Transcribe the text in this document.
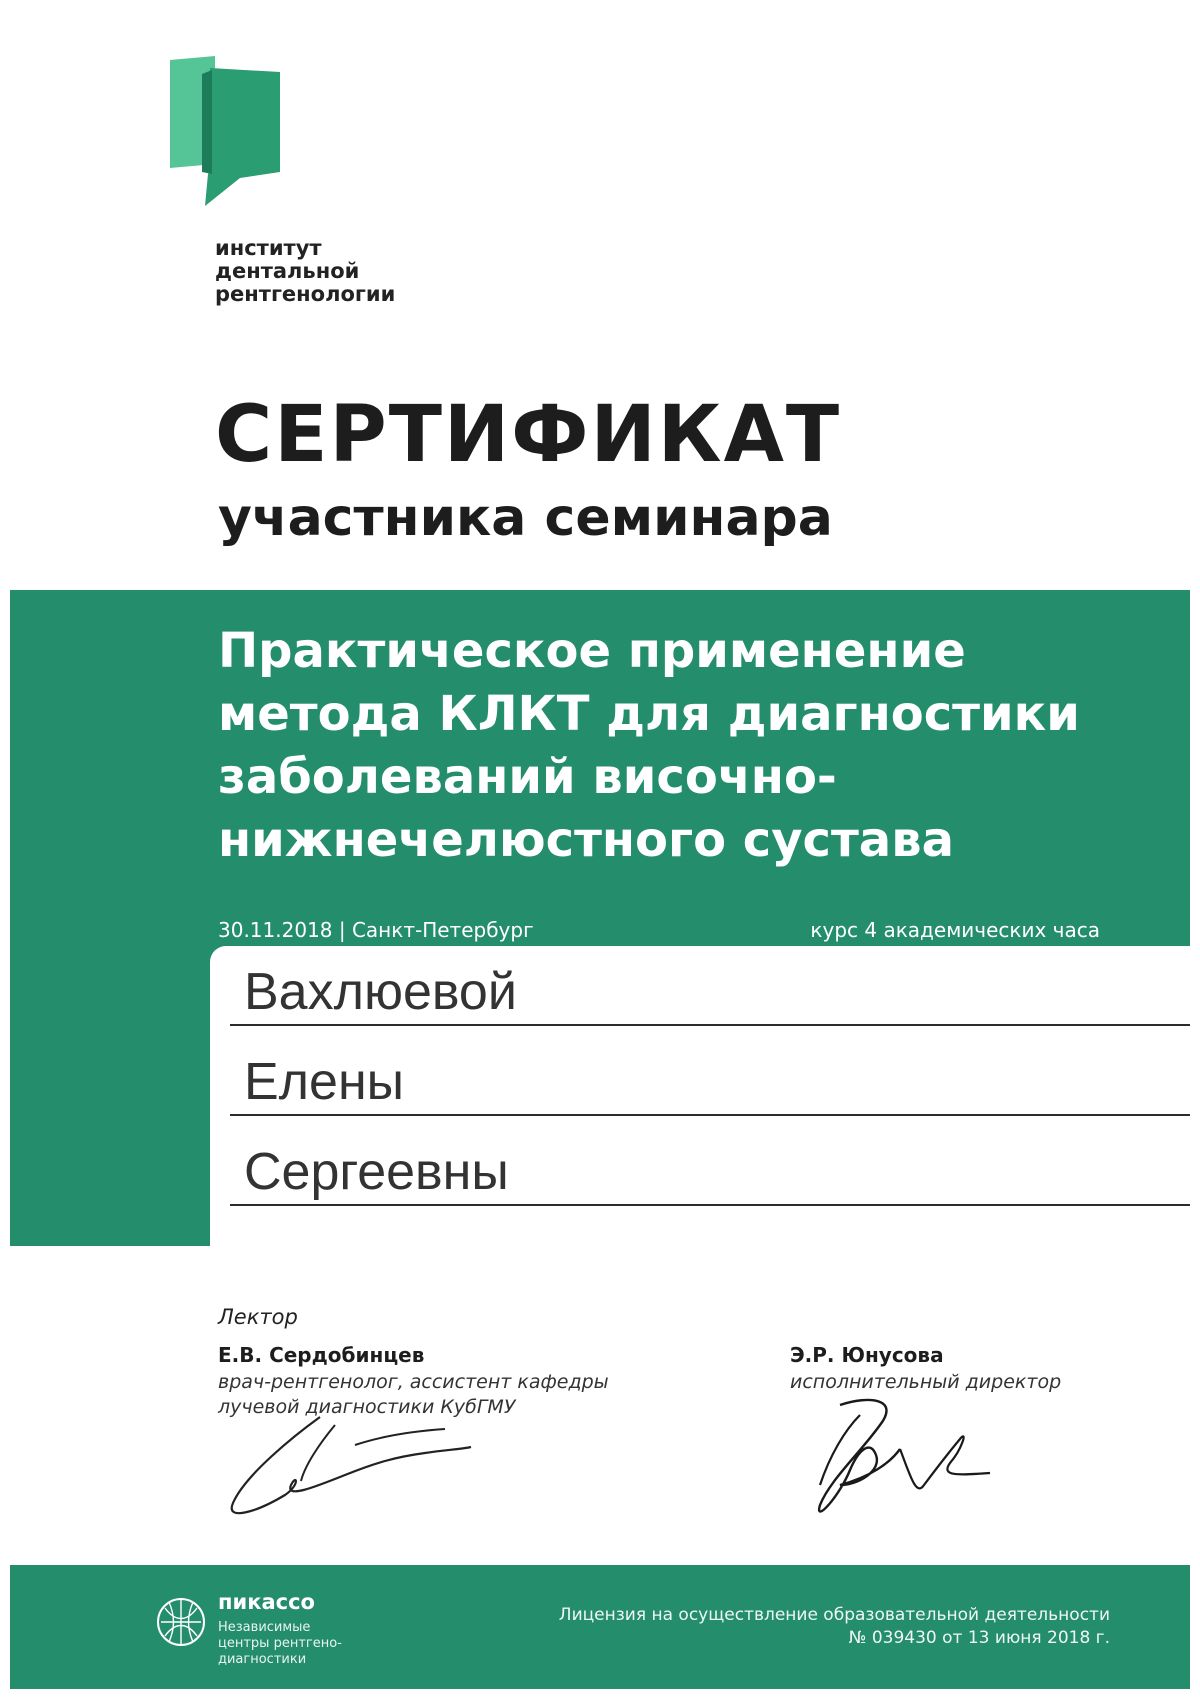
институт
дентальной
рентгенологии
СЕРТИФИКАТ
участника семинара
Практическое применение метода КЛКТ для диагностики заболеваний височно-нижнечелюстного сустава
30.11.2018 | Санкт-Петербург	курс 4 академических часа
Вахлюевой
Елены
Сергеевны
Лектор
Е.В. Сердобинцев
врач-рентгенолог, ассистент кафедры
лучевой диагностики КубГМУ
Э.Р. Юнусова
исполнительный директор
пикассо
Независимые
центры рентгено-
диагностики
Лицензия на осуществление образовательной деятельности
№ 039430 от 13 июня 2018 г.
